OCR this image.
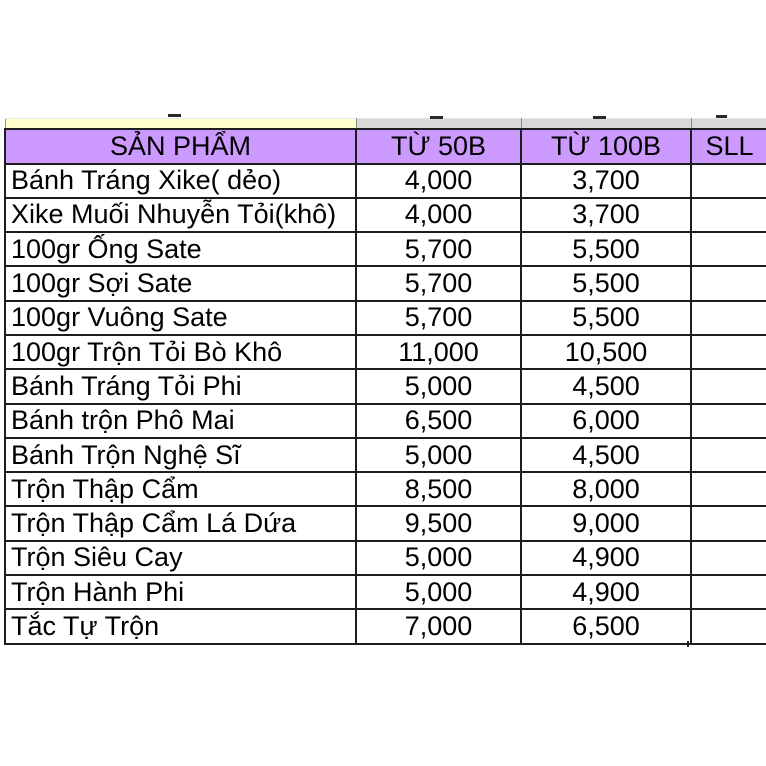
SẢN PHẨM	TỪ 50B	TỪ 100B	SLL
Bánh Tráng Xike( dẻo)	4,000	3,700	
Xike Muối Nhuyễn Tỏi(khô)	4,000	3,700	
100gr Ống Sate	5,700	5,500	
100gr Sợi Sate	5,700	5,500	
100gr Vuông Sate	5,700	5,500	
100gr Trộn Tỏi Bò Khô	11,000	10,500	
Bánh Tráng Tỏi Phi	5,000	4,500	
Bánh trộn Phô Mai	6,500	6,000	
Bánh Trộn Nghệ Sĩ	5,000	4,500	
Trộn Thập Cẩm	8,500	8,000	
Trộn Thập Cẩm Lá Dứa	9,500	9,000	
Trộn Siêu Cay	5,000	4,900	
Trộn Hành Phi	5,000	4,900	
Tắc Tự Trộn	7,000	6,500	
